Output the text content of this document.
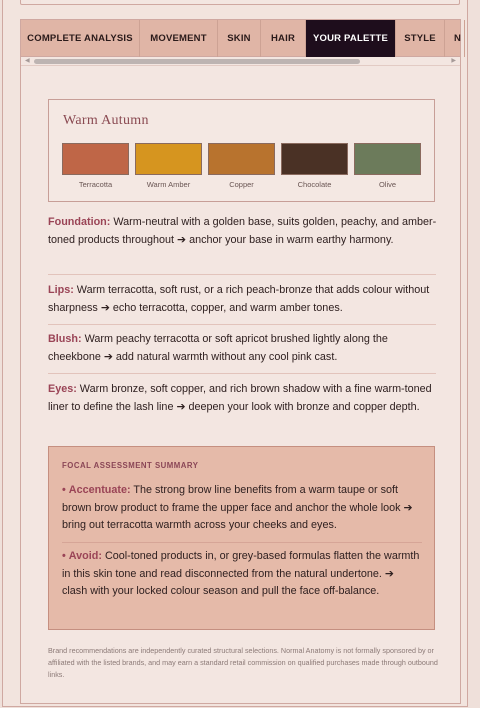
COMPLETE ANALYSIS	MOVEMENT	SKIN	HAIR	YOUR PALETTE	STYLE	N
◀	▶
Warm Autumn
Terracotta	Warm Amber	Copper	Chocolate	Olive
Foundation: Warm-neutral with a golden base, suits golden, peachy, and amber-toned products throughout ➔ anchor your base in warm earthy harmony.
Lips: Warm terracotta, soft rust, or a rich peach-bronze that adds colour without sharpness ➔ echo terracotta, copper, and warm amber tones.
Blush: Warm peachy terracotta or soft apricot brushed lightly along the cheekbone ➔ add natural warmth without any cool pink cast.
Eyes: Warm bronze, soft copper, and rich brown shadow with a fine warm-toned liner to define the lash line ➔ deepen your look with bronze and copper depth.
FOCAL ASSESSMENT SUMMARY
• Accentuate: The strong brow line benefits from a warm taupe or soft brown brow product to frame the upper face and anchor the whole look ➔ bring out terracotta warmth across your cheeks and eyes.
• Avoid: Cool-toned products in, or grey-based formulas flatten the warmth in this skin tone and read disconnected from the natural undertone. ➔ clash with your locked colour season and pull the face off-balance.
Brand recommendations are independently curated structural selections. Normal Anatomy is not formally sponsored by or affiliated with the listed brands, and may earn a standard retail commission on qualified purchases made through outbound links.
